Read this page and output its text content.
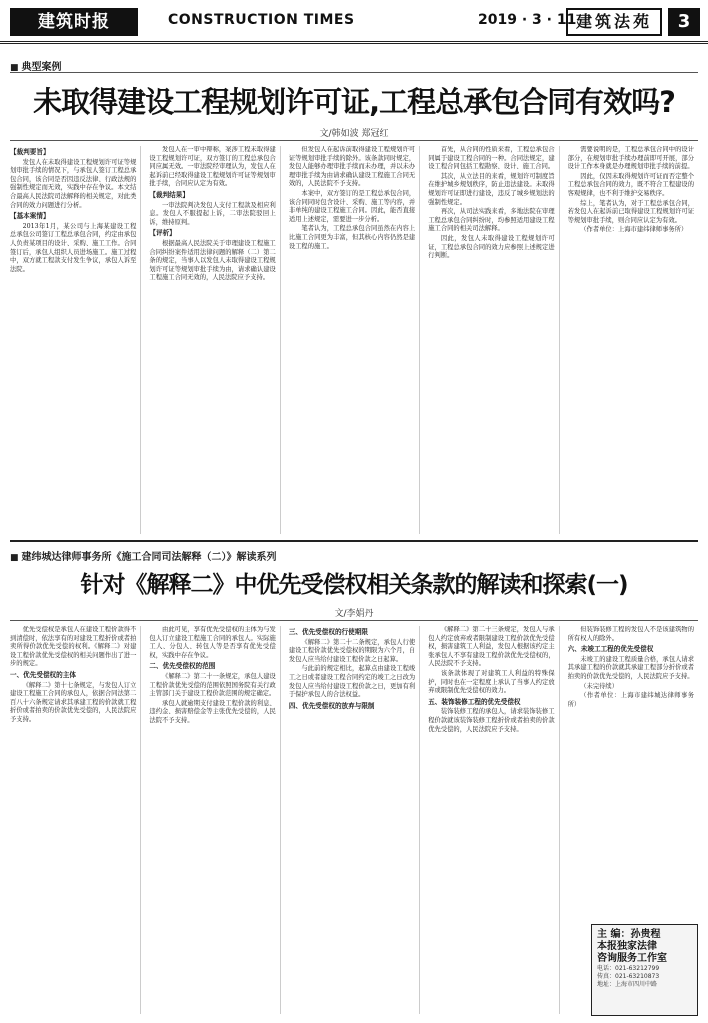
建筑时报	CONSTRUCTION TIMES	2019 · 3 · 11 建筑法苑	3
■ 典型案例
未取得建设工程规划许可证,工程总承包合同有效吗?
文/韩如波 郑冠红

【裁判要旨】

发包人在未取得建设工程规划许可证等规划审批手续的情况下，与承包人签订工程总承包合同，该合同是否因违反法律、行政法规的强制性规定而无效，实践中存在争议。本文结合最高人民法院司法解释的相关规定，对此类合同的效力问题进行分析。

【基本案情】

2013年1月，某公司与上海某建设工程总承包公司签订工程总承包合同，约定由承包人负责某项目的设计、采购、施工工作。合同签订后，承包人组织人员进场施工。施工过程中，双方就工程款支付发生争议，承包人诉至法院。

发包人在一审中辩称，案涉工程未取得建设工程规划许可证，双方签订的工程总承包合同应属无效。一审法院经审理认为，发包人在起诉前已经取得建设工程规划许可证等规划审批手续，合同应认定为有效。

【裁判结果】

一审法院判决发包人支付工程款及相应利息。发包人不服提起上诉，二审法院驳回上诉，维持原判。

【评析】

根据最高人民法院关于审理建设工程施工合同纠纷案件适用法律问题的解释（二）第二条的规定，当事人以发包人未取得建设工程规划许可证等规划审批手续为由，请求确认建设工程施工合同无效的，人民法院应予支持。

但发包人在起诉前取得建设工程规划许可证等规划审批手续的除外。该条款同时规定，发包人能够办理审批手续而未办理，并以未办理审批手续为由请求确认建设工程施工合同无效的，人民法院不予支持。

本案中，双方签订的是工程总承包合同，该合同同时包含设计、采购、施工等内容，并非单纯的建设工程施工合同。因此，能否直接适用上述规定，需要进一步分析。

笔者认为，工程总承包合同虽然在内容上比施工合同更为丰富，但其核心内容仍然是建设工程的施工。

首先，从合同的性质来看，工程总承包合同属于建设工程合同的一种。合同法规定，建设工程合同包括工程勘察、设计、施工合同。

其次，从立法目的来看，规划许可制度旨在维护城乡规划秩序，防止违法建设。未取得规划许可证即进行建设，违反了城乡规划法的强制性规定。

再次，从司法实践来看，多地法院在审理工程总承包合同纠纷时，均参照适用建设工程施工合同的相关司法解释。

因此，发包人未取得建设工程规划许可证，工程总承包合同的效力应参照上述规定进行判断。

需要说明的是，工程总承包合同中的设计部分，在规划审批手续办理前即可开展，部分设计工作本身就是办理规划审批手续的前提。

因此，仅因未取得规划许可证而否定整个工程总承包合同的效力，既不符合工程建设的客观规律，也不利于维护交易秩序。

综上，笔者认为，对于工程总承包合同，若发包人在起诉前已取得建设工程规划许可证等规划审批手续，则合同应认定为有效。

（作者单位：上海市建纬律师事务所）

■ 建纬城达律师事务所《施工合同司法解释（二）》解读系列
针对《解释二》中优先受偿权相关条款的解读和探索(一)
文/李娟丹

优先受偿权是承包人在建设工程价款得不到清偿时，依法享有的对建设工程折价或者拍卖所得价款优先受偿的权利。《解释二》对建设工程价款优先受偿权的相关问题作出了进一步的规定。

一、优先受偿权的主体

《解释二》第十七条规定，与发包人订立建设工程施工合同的承包人，依据合同法第二百八十六条规定请求其承建工程的价款就工程折价或者拍卖的价款优先受偿的，人民法院应予支持。

由此可见，享有优先受偿权的主体为与发包人订立建设工程施工合同的承包人。实际施工人、分包人、转包人等是否享有优先受偿权，实践中存在争议。

二、优先受偿权的范围

《解释二》第二十一条规定，承包人建设工程价款优先受偿的范围依照国务院有关行政主管部门关于建设工程价款范围的规定确定。

承包人就逾期支付建设工程价款的利息、违约金、损害赔偿金等主张优先受偿的，人民法院不予支持。

三、优先受偿权的行使期限

《解释二》第二十二条规定，承包人行使建设工程价款优先受偿权的期限为六个月，自发包人应当给付建设工程价款之日起算。

与此前的规定相比，起算点由建设工程竣工之日或者建设工程合同约定的竣工之日改为发包人应当给付建设工程价款之日，更加有利于保护承包人的合法权益。

四、优先受偿权的放弃与限制

《解释二》第二十三条规定，发包人与承包人约定放弃或者限制建设工程价款优先受偿权，损害建筑工人利益，发包人根据该约定主张承包人不享有建设工程价款优先受偿权的，人民法院不予支持。

该条款体现了对建筑工人利益的特殊保护，同时也在一定程度上承认了当事人约定放弃或限制优先受偿权的效力。

五、装饰装修工程的优先受偿权

装饰装修工程的承包人，请求装饰装修工程价款就该装饰装修工程折价或者拍卖的价款优先受偿的，人民法院应予支持。

但装饰装修工程的发包人不是该建筑物的所有权人的除外。

六、未竣工工程的优先受偿权

未竣工的建设工程质量合格，承包人请求其承建工程的价款就其承建工程部分折价或者拍卖的价款优先受偿的，人民法院应予支持。

（未完待续）

（作者单位：上海市建纬城达律师事务所）

主 编：孙贵程
本报独家法律
咨询服务工作室
电话：021-63212799
传真：021-63210873
地址：上海市四川中路
